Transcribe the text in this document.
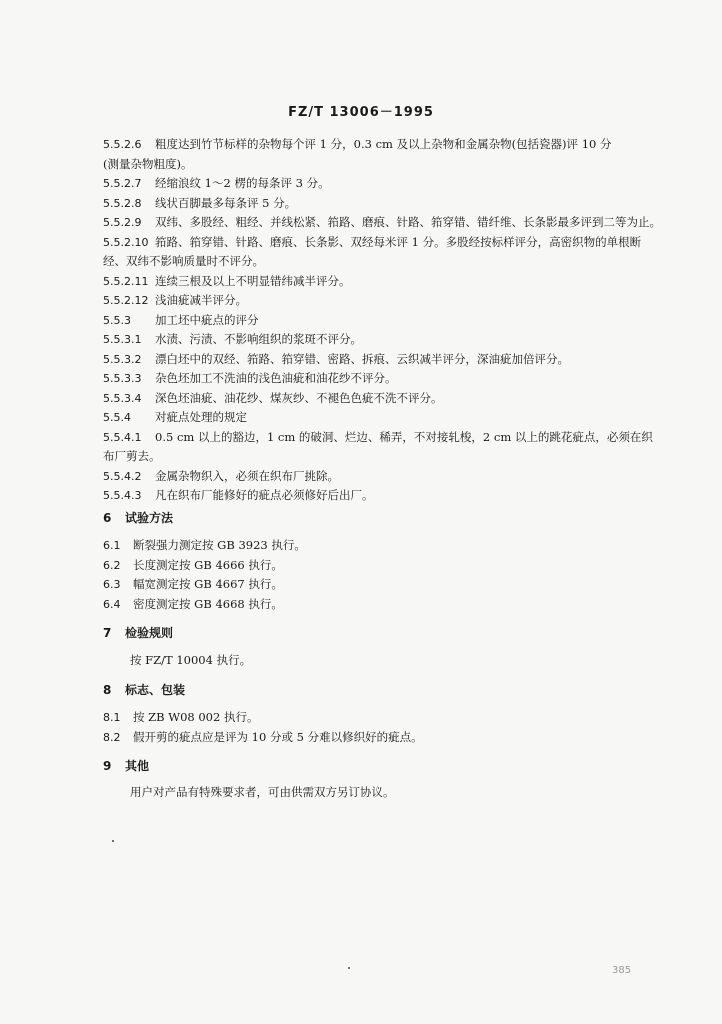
FZ/T 13006－1995
5.5.2.6 粗度达到竹节标样的杂物每个评 1 分，0.3 cm 及以上杂物和金属杂物(包括瓷器)评 10 分
(测量杂物粗度)。
5.5.2.7 经缩浪纹 1～2 楞的每条评 3 分。
5.5.2.8 线状百脚最多每条评 5 分。
5.5.2.9 双纬、多股经、粗经、并线松紧、筘路、磨痕、针路、筘穿错、错纤维、长条影最多评到二等为止。
5.5.2.10 筘路、筘穿错、针路、磨痕、长条影、双经每米评 1 分。多股经按标样评分，高密织物的单根断
经、双纬不影响质量时不评分。
5.5.2.11 连续三根及以上不明显错纬减半评分。
5.5.2.12 浅油疵减半评分。
5.5.3 加工坯中疵点的评分
5.5.3.1 水渍、污渍、不影响组织的浆斑不评分。
5.5.3.2 漂白坯中的双经、筘路、筘穿错、密路、拆痕、云织减半评分，深油疵加倍评分。
5.5.3.3 杂色坯加工不洗油的浅色油疵和油花纱不评分。
5.5.3.4 深色坯油疵、油花纱、煤灰纱、不褪色色疵不洗不评分。
5.5.4 对疵点处理的规定
5.5.4.1 0.5 cm 以上的豁边，1 cm 的破洞、烂边、稀弄，不对接轧梭，2 cm 以上的跳花疵点，必须在织
布厂剪去。
5.5.4.2 金属杂物织入，必须在织布厂挑除。
5.5.4.3 凡在织布厂能修好的疵点必须修好后出厂。
6 试验方法
6.1 断裂强力测定按 GB 3923 执行。
6.2 长度测定按 GB 4666 执行。
6.3 幅宽测定按 GB 4667 执行。
6.4 密度测定按 GB 4668 执行。
7 检验规则
按 FZ/T 10004 执行。
8 标志、包装
8.1 按 ZB W08 002 执行。
8.2 假开剪的疵点应是评为 10 分或 5 分难以修织好的疵点。
9 其他
用户对产品有特殊要求者，可由供需双方另订协议。
385
